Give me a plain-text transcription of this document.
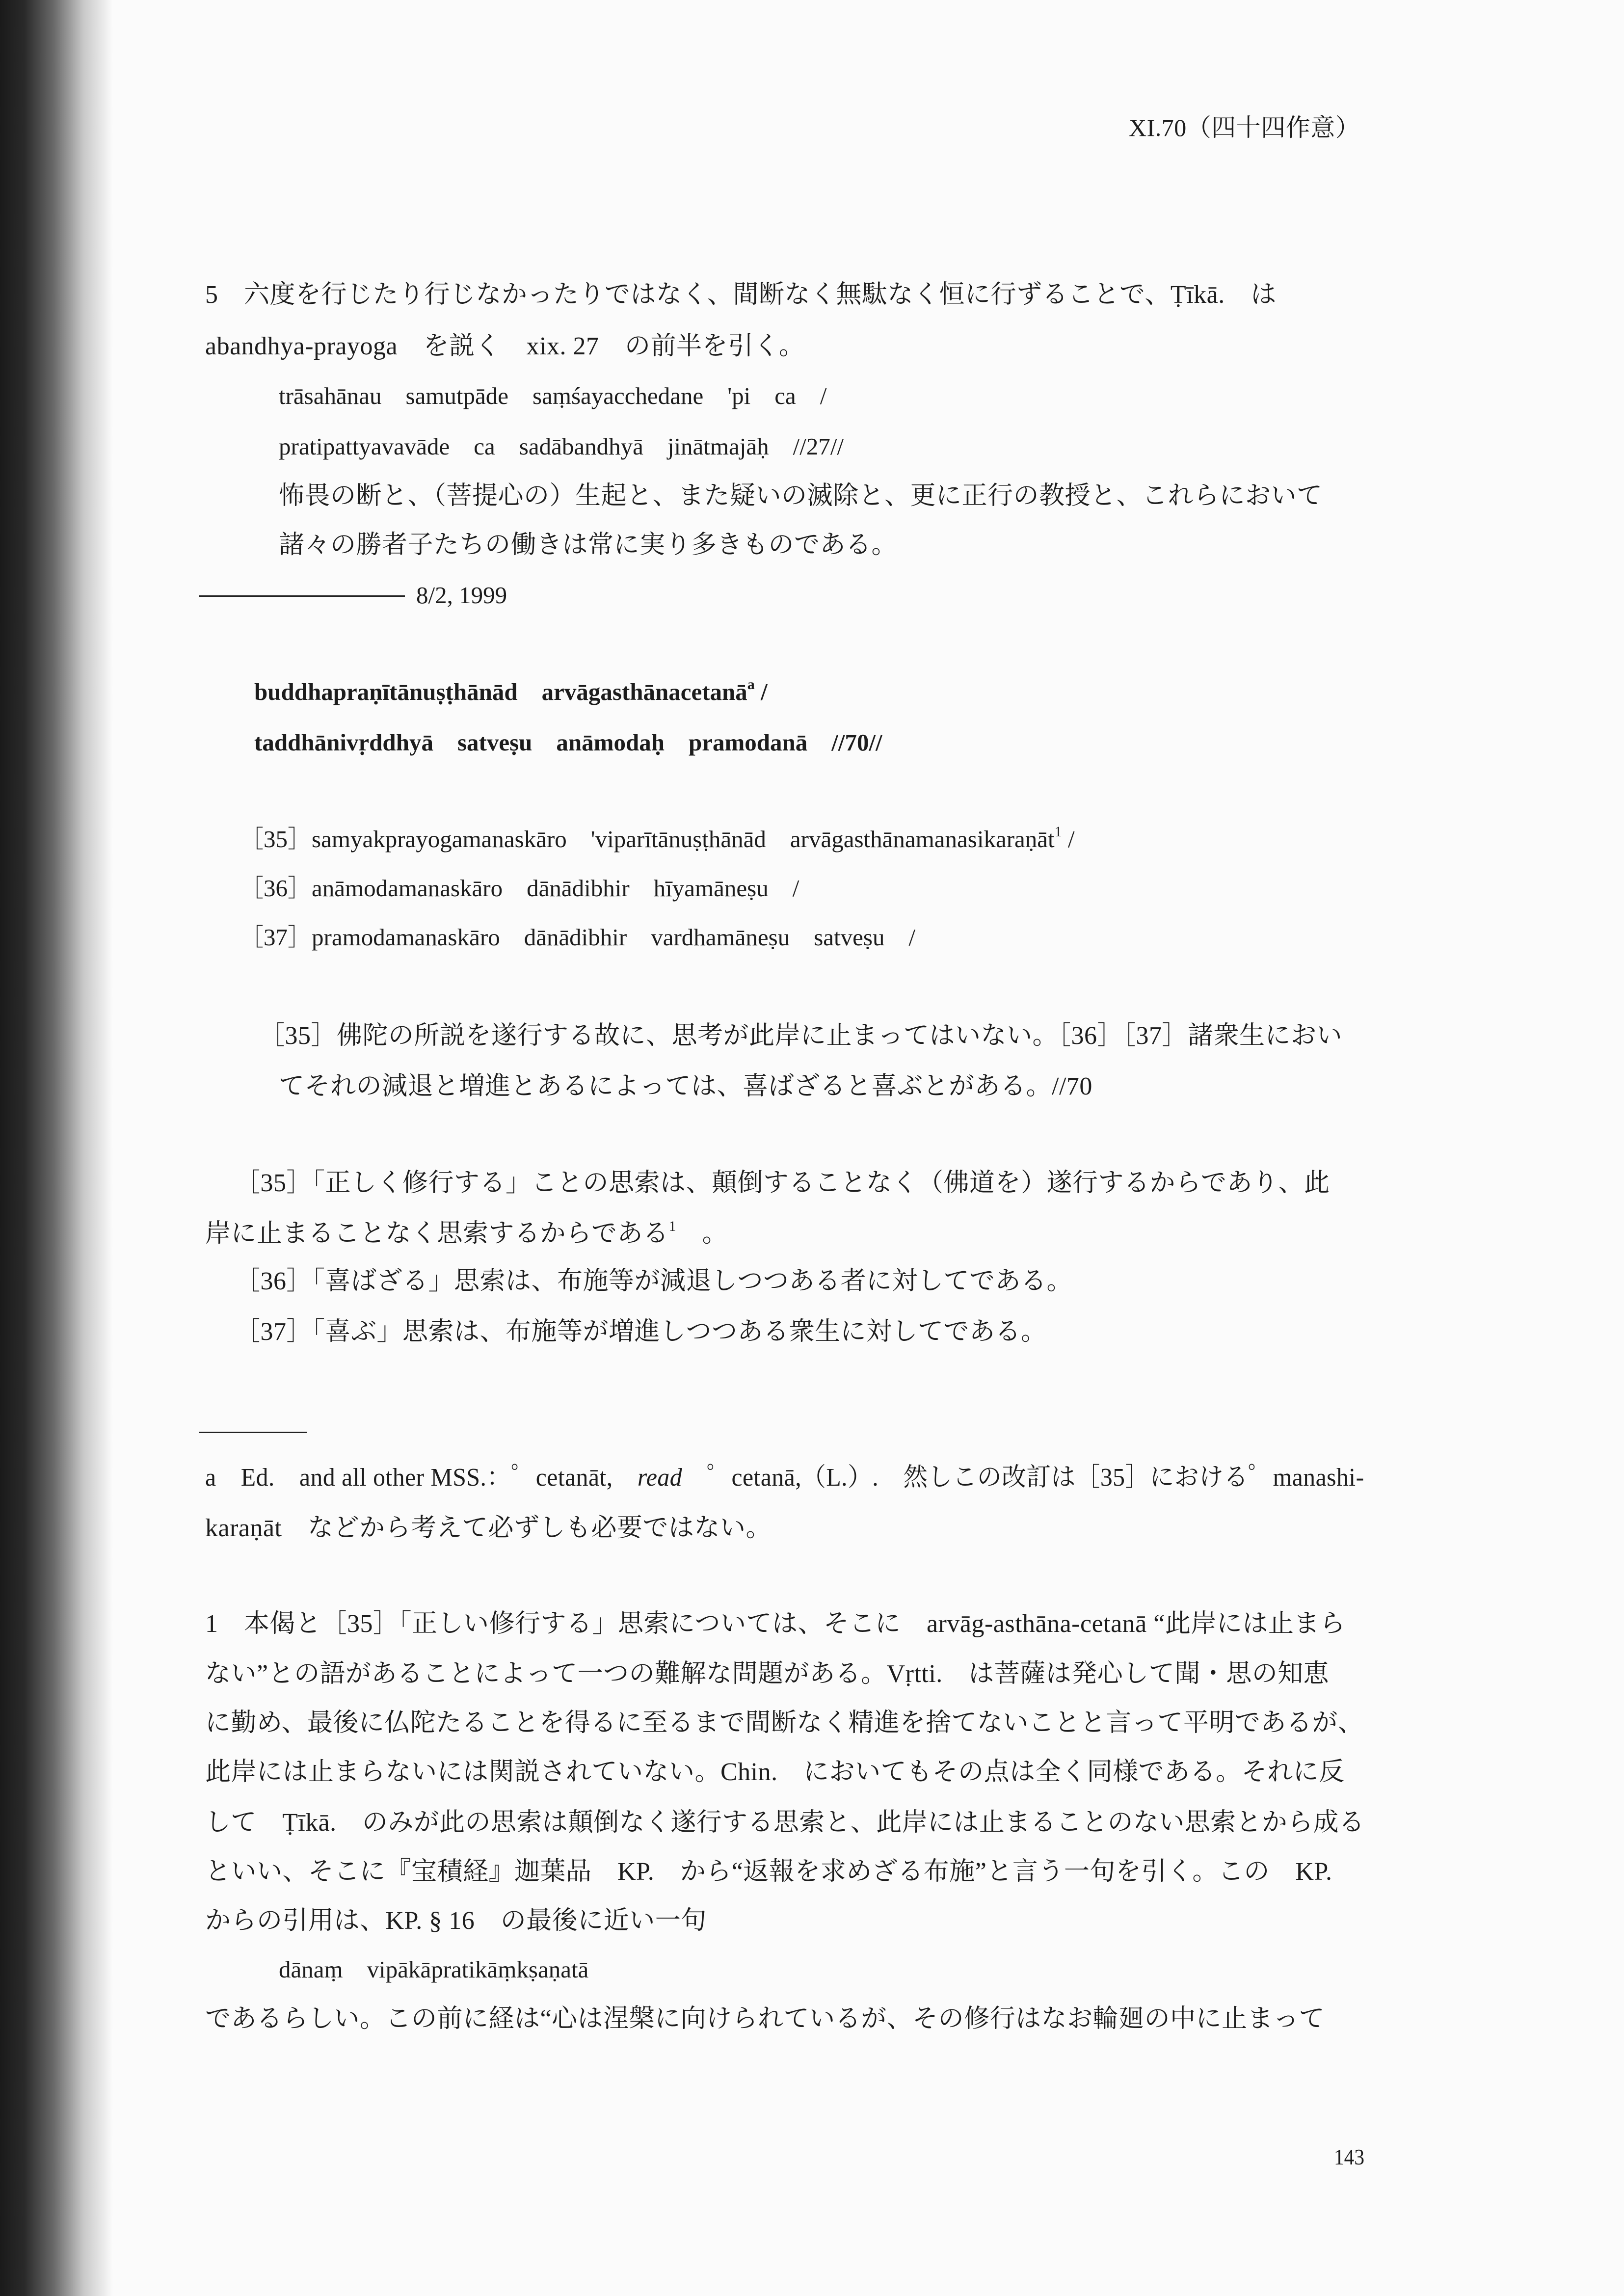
XI.70（四十四作意）
5　六度を行じたり行じなかったりではなく、間断なく無駄なく恒に行ずることで、Ṭīkā.　は
abandhya-prayoga　を説く　xix. 27　の前半を引く。
trāsahānau　samutpāde　saṃśayacchedane　'pi　ca　/
pratipattyavavāde　ca　sadābandhyā　jinātmajāḥ　//27//
怖畏の断と、（菩提心の）生起と、また疑いの滅除と、更に正行の教授と、これらにおいて
諸々の勝者子たちの働きは常に実り多きものである。
8/2, 1999
buddhapraṇītānuṣṭhānād　arvāgasthānacetanā$^a$ /
taddhānivṛddhyā　satveṣu　anāmodaḥ　pramodanā　//70//
［35］samyakprayogamanaskāro　'viparītānuṣṭhānād　arvāgasthānamanasikaraṇāt$^1$ /
［36］anāmodamanaskāro　dānādibhir　hīyamāneṣu　/
［37］pramodamanaskāro　dānādibhir　vardhamāneṣu　satveṣu　/
［35］佛陀の所説を遂行する故に、思考が此岸に止まってはいない。［36］［37］諸衆生におい
てそれの減退と増進とあるによっては、喜ばざると喜ぶとがある。//70
［35］「正しく修行する」ことの思索は、顛倒することなく（佛道を）遂行するからであり、此
岸に止まることなく思索するからである$^1$　。
［36］「喜ばざる」思索は、布施等が減退しつつある者に対してである。
［37］「喜ぶ」思索は、布施等が増進しつつある衆生に対してである。
a　Ed.　and all other MSS.：゜cetanāt,　read　゜cetanā,（L.）.　然しこの改訂は［35］における゜manashi-
karaṇāt　などから考えて必ずしも必要ではない。
1　本偈と［35］「正しい修行する」思索については、そこに　arvāg-asthāna-cetanā “此岸には止まら
ない”との語があることによって一つの難解な問題がある。Vṛtti.　は菩薩は発心して聞・思の知恵
に勤め、最後に仏陀たることを得るに至るまで間断なく精進を捨てないことと言って平明であるが、
此岸には止まらないには関説されていない。Chin.　においてもその点は全く同様である。それに反
して　Ṭīkā.　のみが此の思索は顛倒なく遂行する思索と、此岸には止まることのない思索とから成る
といい、そこに『宝積経』迦葉品　KP.　から“返報を求めざる布施”と言う一句を引く。この　KP.
からの引用は、KP. § 16　の最後に近い一句
dānaṃ　vipākāpratikāṃkṣaṇatā
であるらしい。この前に経は“心は涅槃に向けられているが、その修行はなお輪廻の中に止まって
143
